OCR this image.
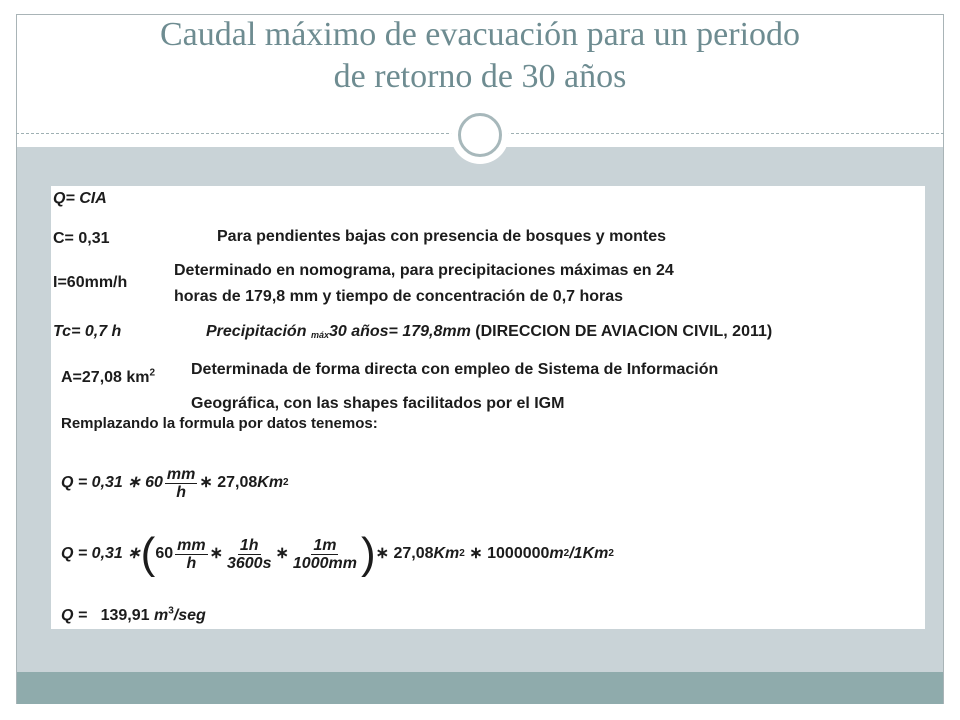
Caudal máximo de evacuación para un periodo
de retorno de 30 años
Q= CIA
C= 0,31	Para pendientes bajas con presencia de bosques y montes
I=60mm/h
Determinado en nomograma, para precipitaciones máximas en 24
horas de 179,8 mm y tiempo de concentración de 0,7 horas
Tc= 0,7 h	Precipitación $_{máx}$30 años= 179,8mm (DIRECCION DE AVIACION CIVIL, 2011)
A=27,08 $km^2$ Determinada de forma directa con empleo de Sistema de Información
Geográfica, con las shapes facilitados por el IGM
Remplazando la formula por datos tenemos:
Q = 0,31 ∗ $60 \frac{mm}{h}$ ∗ 27,08 Km 2
Q = 0,31 ∗ ( $60 \frac{mm}{h}$ ∗ $\frac{1h}{3600s}$ ∗ $\frac{1m}{1000mm}$ ) ∗ 27,08 Km 2
∗ 1000000 m 2 /1 Km 2
Q = 139,91 $m^3$/seg
